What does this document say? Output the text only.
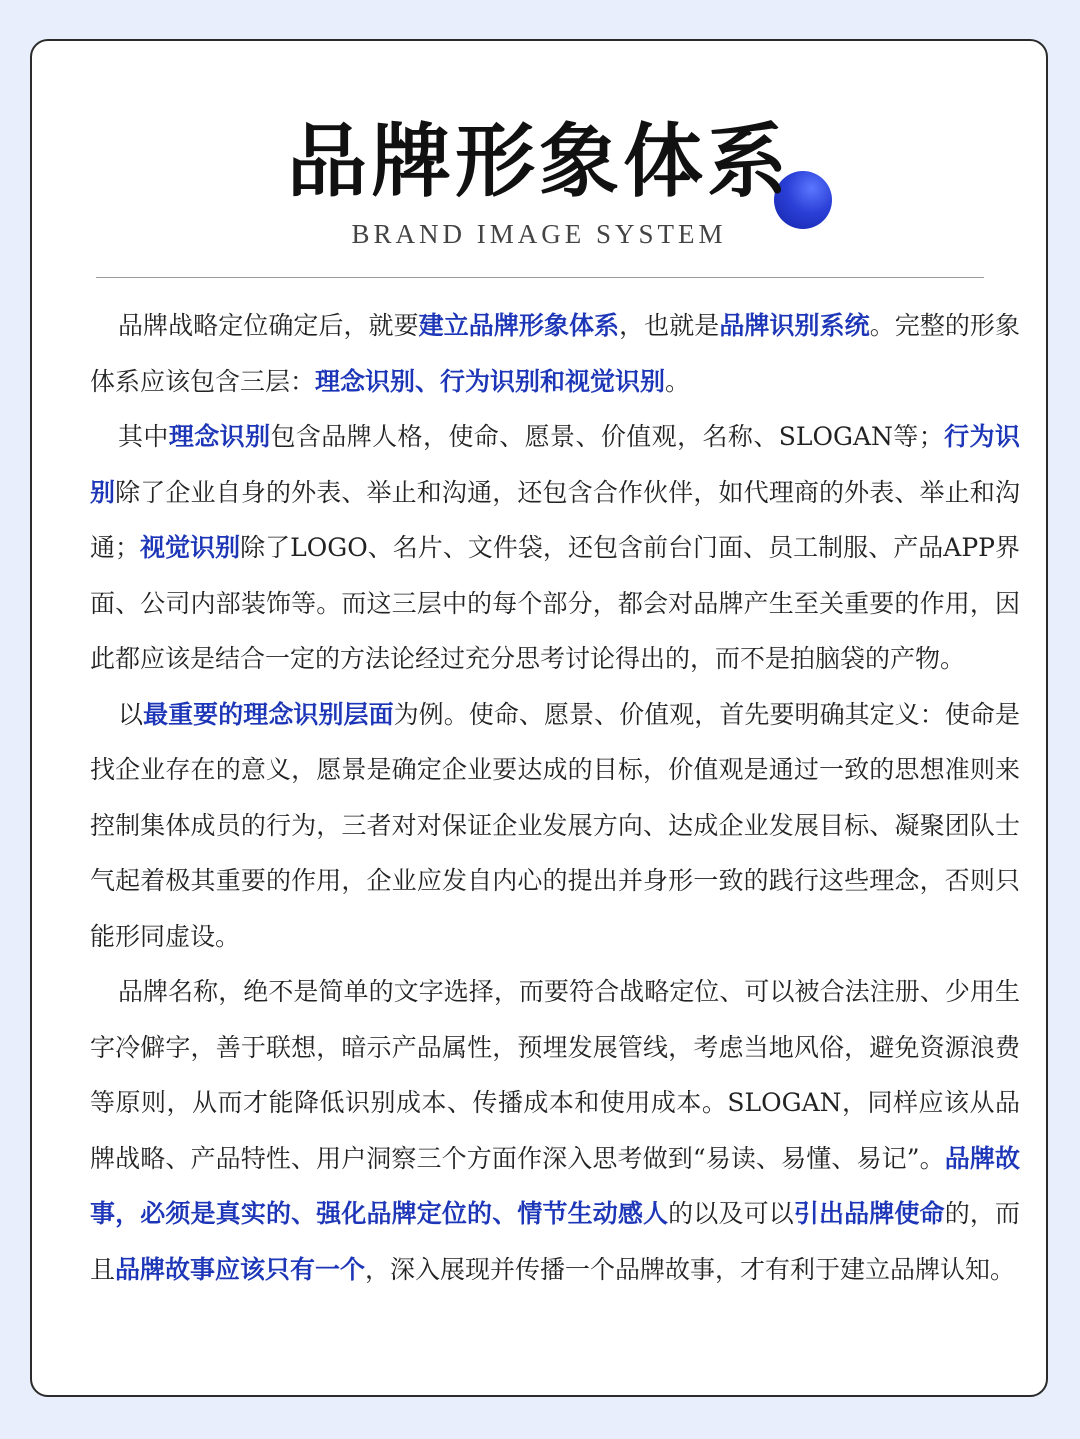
品牌形象体系
BRAND IMAGE SYSTEM

品牌战略定位确定后，就要建立品牌形象体系，也就是品牌识别系统。完整的形象体系应该包含三层：理念识别、行为识别和视觉识别。

其中理念识别包含品牌人格，使命、愿景、价值观，名称、SLOGAN等；行为识别除了企业自身的外表、举止和沟通，还包含合作伙伴，如代理商的外表、举止和沟通；视觉识别除了LOGO、名片、文件袋，还包含前台门面、员工制服、产品APP界面、公司内部装饰等。而这三层中的每个部分，都会对品牌产生至关重要的作用，因此都应该是结合一定的方法论经过充分思考讨论得出的，而不是拍脑袋的产物。

以最重要的理念识别层面为例。使命、愿景、价值观，首先要明确其定义：使命是找企业存在的意义，愿景是确定企业要达成的目标，价值观是通过一致的思想准则来控制集体成员的行为，三者对对保证企业发展方向、达成企业发展目标、凝聚团队士气起着极其重要的作用，企业应发自内心的提出并身形一致的践行这些理念，否则只能形同虚设。

品牌名称，绝不是简单的文字选择，而要符合战略定位、可以被合法注册、少用生字冷僻字，善于联想，暗示产品属性，预埋发展管线，考虑当地风俗，避免资源浪费等原则，从而才能降低识别成本、传播成本和使用成本。SLOGAN，同样应该从品牌战略、产品特性、用户洞察三个方面作深入思考做到“易读、易懂、易记”。品牌故事，必须是真实的、强化品牌定位的、情节生动感人的以及可以引出品牌使命的，而且品牌故事应该只有一个，深入展现并传播一个品牌故事，才有利于建立品牌认知。
